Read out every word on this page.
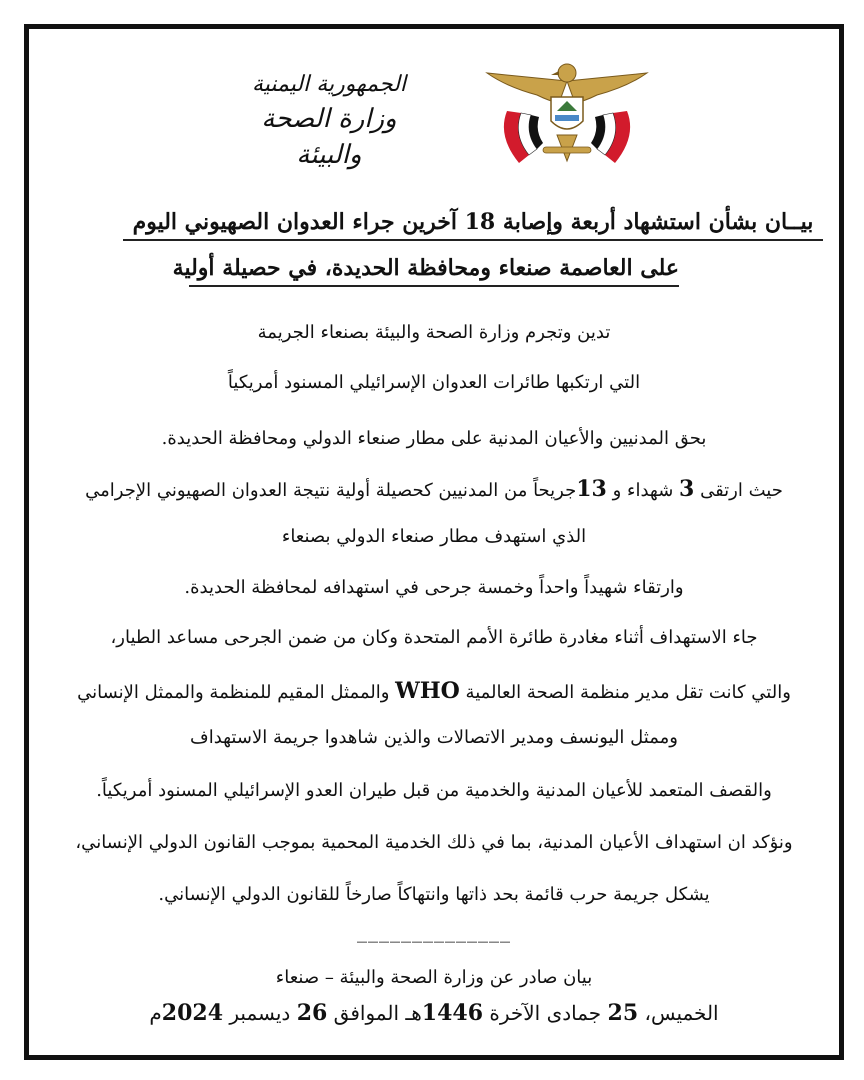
الجمهورية اليمنية
وزارة الصحة والبيئة
بيــان بشأن استشهاد أربعة وإصابة 18 آخرين جراء العدوان الصهيوني اليوم
على العاصمة صنعاء ومحافظة الحديدة، في حصيلة أولية
تدين وتجرم وزارة الصحة والبيئة بصنعاء الجريمة
التي ارتكبها طائرات العدوان الإسرائيلي المسنود أمريكياً
بحق المدنيين والأعيان المدنية على مطار صنعاء الدولي ومحافظة الحديدة.
حيث ارتقى 3 شهداء و 13جريحاً من المدنيين كحصيلة أولية نتيجة العدوان الصهيوني الإجرامي
الذي استهدف مطار صنعاء الدولي بصنعاء
وارتقاء شهيداً واحداً وخمسة جرحى في استهدافه لمحافظة الحديدة.
جاء الاستهداف أثناء مغادرة طائرة الأمم المتحدة وكان من ضمن الجرحى مساعد الطيار،
والتي كانت تقل مدير منظمة الصحة العالمية WHO والممثل المقيم للمنظمة والممثل الإنساني
وممثل اليونسف ومدير الاتصالات والذين شاهدوا جريمة الاستهداف
والقصف المتعمد للأعيان المدنية والخدمية من قبل طيران العدو الإسرائيلي المسنود أمريكياً.
ونؤكد ان استهداف الأعيان المدنية، بما في ذلك الخدمية المحمية بموجب القانون الدولي الإنساني،
يشكل جريمة حرب قائمة بحد ذاتها وانتهاكاً صارخاً للقانون الدولي الإنساني.
______________
بيان صادر عن وزارة الصحة والبيئة – صنعاء
الخميس، 25 جمادى الآخرة 1446هـ الموافق 26 ديسمبر 2024م
